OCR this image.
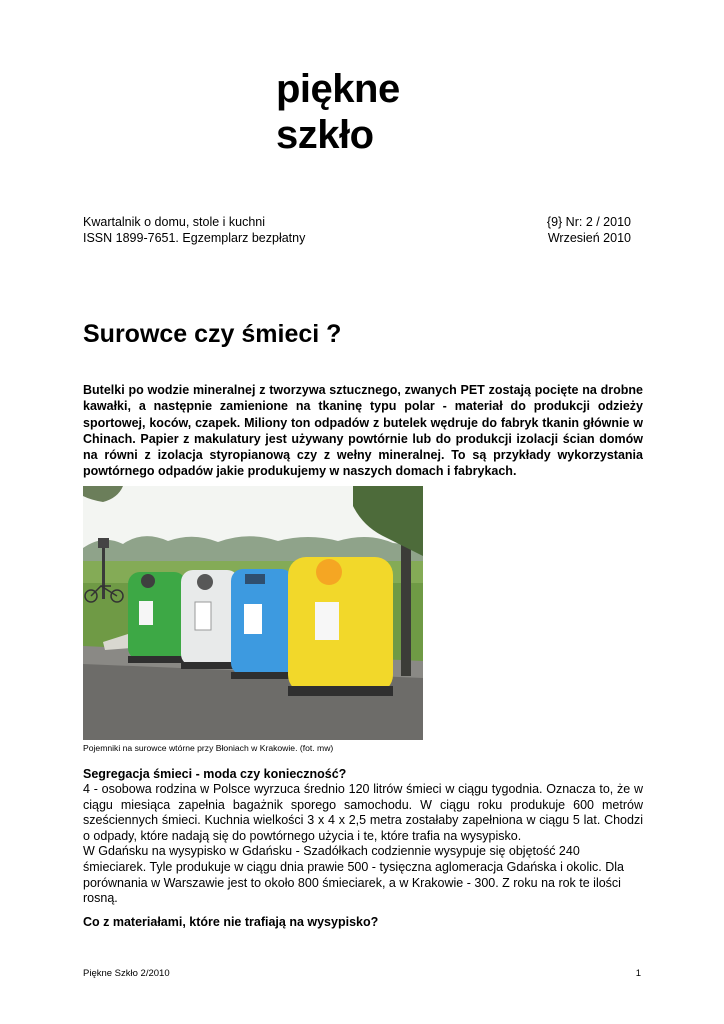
piękne
szkło
Kwartalnik o domu, stole i kuchni	{9} Nr: 2 / 2010
ISSN 1899-7651. Egzemplarz bezpłatny	Wrzesień 2010
Surowce czy śmieci ?

Butelki po wodzie mineralnej z tworzywa sztucznego, zwanych PET zostają pocięte na drobne kawałki, a następnie zamienione na tkaninę typu polar - materiał do produkcji odzieży sportowej, koców, czapek. Miliony ton odpadów z butelek wędruje do fabryk tkanin głównie w Chinach. Papier z makulatury jest używany powtórnie lub do produkcji izolacji ścian domów na równi z izolacja styropianową czy z wełny mineralnej. To są przykłady wykorzystania powtórnego odpadów jakie produkujemy w naszych domach i fabrykach.

Pojemniki na surowce wtórne przy Błoniach w Krakowie. (fot. mw)
Segregacja śmieci - moda czy konieczność?

4 - osobowa rodzina w Polsce wyrzuca średnio 120 litrów śmieci w ciągu tygodnia. Oznacza to, że w ciągu miesiąca zapełnia bagażnik sporego samochodu. W ciągu roku produkuje 600 metrów sześciennych śmieci. Kuchnia wielkości 3 x 4 x 2,5 metra zostałaby zapełniona w ciągu 5 lat. Chodzi o odpady, które nadają się do powtórnego użycia i te, które trafia na wysypisko.

W Gdańsku na wysypisko w Gdańsku - Szadółkach codziennie wysypuje się objętość 240 śmieciarek. Tyle produkuje w ciągu dnia prawie 500 - tysięczna aglomeracja Gdańska i okolic. Dla porównania w Warszawie jest to około 800 śmieciarek, a w Krakowie - 300. Z roku na rok te ilości rosną.

Co z materiałami, które nie trafiają na wysypisko?
Piękne Szkło 2/2010	1
